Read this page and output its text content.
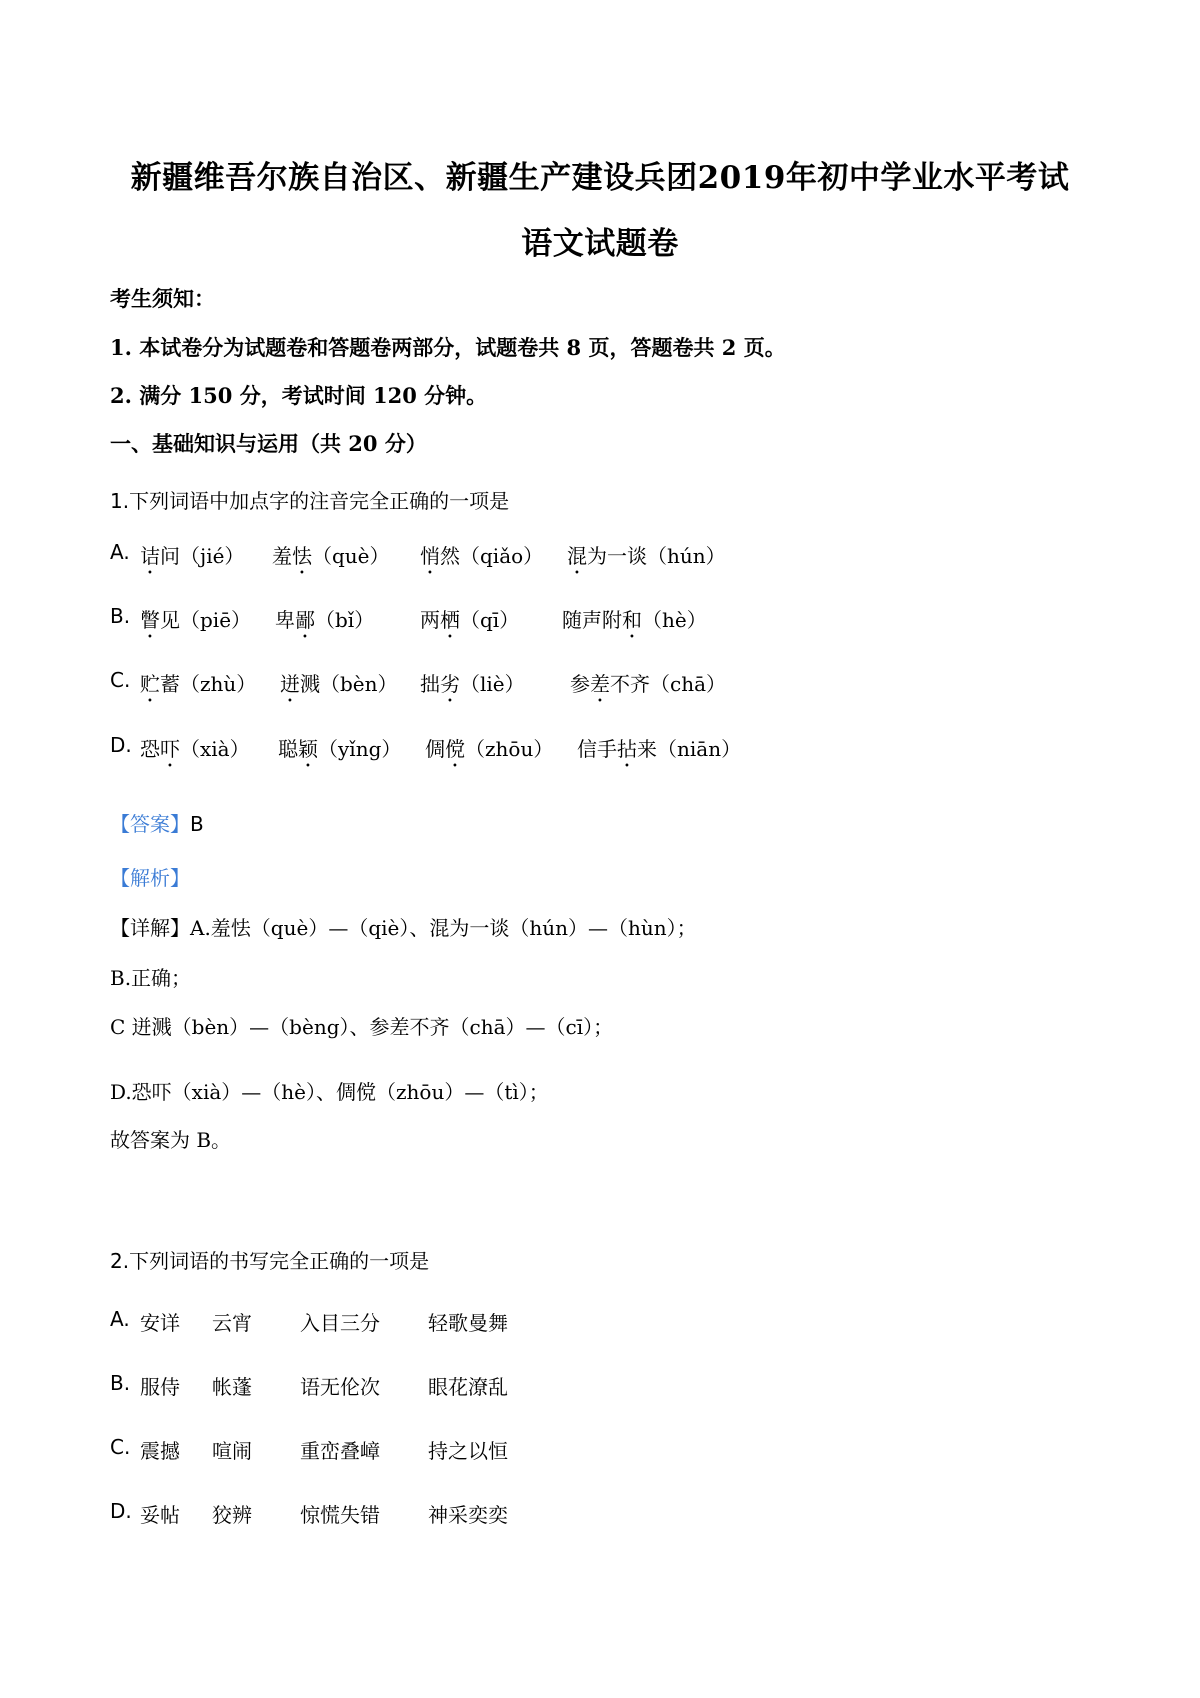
新疆维吾尔族自治区、新疆生产建设兵团2019年初中学业水平考试
语文试题卷
考生须知：
1. 本试卷分为试题卷和答题卷两部分，试题卷共 8 页，答题卷共 2 页。
2. 满分 150 分，考试时间 120 分钟。
一、基础知识与运用（共 20 分）
1.下列词语中加点字的注音完全正确的一项是
A. 诘问（jié） 羞怯（què） 悄然（qiǎo） 混为一谈（hún）
B. 瞥见（piē） 卑鄙（bǐ） 两栖（qī） 随声附和（hè）
C. 贮蓄（zhù） 迸溅（bèn） 拙劣（liè） 参差不齐（chā）
D. 恐吓（xià） 聪颖（yǐng） 倜傥（zhōu） 信手拈来（niān）
【答案】B
【解析】
【详解】A.羞怯（què）—（qiè）、混为一谈（hún）—（hùn）；
B.正确；
C 迸溅（bèn）—（bèng）、参差不齐（chā）—（cī）；
D.恐吓（xià）—（hè）、倜傥（zhōu）—（tì）；
故答案为 B。
2.下列词语的书写完全正确的一项是
A. 安详 云宵 入目三分 轻歌曼舞
B. 服侍 帐蓬 语无伦次 眼花潦乱
C. 震撼 喧闹 重峦叠嶂 持之以恒
D. 妥帖 狡辨 惊慌失错 神采奕奕
